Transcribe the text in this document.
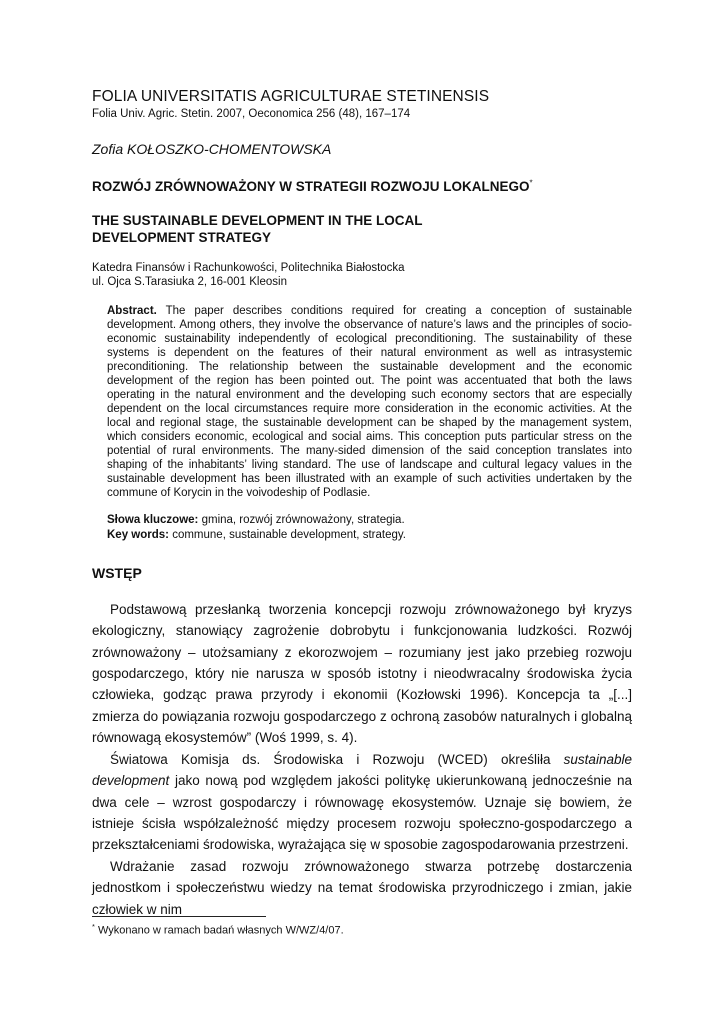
FOLIA UNIVERSITATIS AGRICULTURAE STETINENSIS
Folia Univ. Agric. Stetin. 2007, Oeconomica 256 (48), 167–174
Zofia KOŁOSZKO-CHOMENTOWSKA
ROZWÓJ ZRÓWNOWAŻONY W STRATEGII ROZWOJU LOKALNEGO*
THE SUSTAINABLE DEVELOPMENT IN THE LOCAL
DEVELOPMENT STRATEGY
Katedra Finansów i Rachunkowości, Politechnika Białostocka
ul. Ojca S.Tarasiuka 2, 16-001 Kleosin
Abstract. The paper describes conditions required for creating a conception of sustainable development. Among others, they involve the observance of nature’s laws and the principles of socio-economic sustainability independently of ecological preconditioning. The sustainability of these systems is dependent on the features of their natural environment as well as intrasystemic preconditioning. The relationship between the sustainable development and the economic development of the region has been pointed out. The point was accentuated that both the laws operating in the natural environment and the developing such economy sectors that are especially dependent on the local circumstances require more consideration in the economic activities. At the local and regional stage, the sustainable development can be shaped by the management system, which considers economic, ecological and social aims. This conception puts particular stress on the potential of rural environments. The many-sided dimension of the said conception translates into shaping of the inhabitants’ living standard. The use of landscape and cultural legacy values in the sustainable development has been illustrated with an example of such activities undertaken by the commune of Korycin in the voivodeship of Podlasie.
Słowa kluczowe: gmina, rozwój zrównoważony, strategia.
Key words: commune, sustainable development, strategy.
WSTĘP

Podstawową przesłanką tworzenia koncepcji rozwoju zrównoważonego był kryzys ekologiczny, stanowiący zagrożenie dobrobytu i funkcjonowania ludzkości. Rozwój zrównoważony – utożsamiany z ekorozwojem – rozumiany jest jako przebieg rozwoju gospodarczego, który nie narusza w sposób istotny i nieodwracalny środowiska życia człowieka, godząc prawa przyrody i ekonomii (Kozłowski 1996). Koncepcja ta „[...] zmierza do powiązania rozwoju gospodarczego z ochroną zasobów naturalnych i globalną równowagą ekosystemów” (Woś 1999, s. 4).

Światowa Komisja ds. Środowiska i Rozwoju (WCED) określiła sustainable development jako nową pod względem jakości politykę ukierunkowaną jednocześnie na dwa cele – wzrost gospodarczy i równowagę ekosystemów. Uznaje się bowiem, że istnieje ścisła współzależność między procesem rozwoju społeczno-gospodarczego a przekształceniami środowiska, wyrażająca się w sposobie zagospodarowania przestrzeni.

Wdrażanie zasad rozwoju zrównoważonego stwarza potrzebę dostarczenia jednostkom i społeczeństwu wiedzy na temat środowiska przyrodniczego i zmian, jakie człowiek w nim

* Wykonano w ramach badań własnych W/WZ/4/07.
